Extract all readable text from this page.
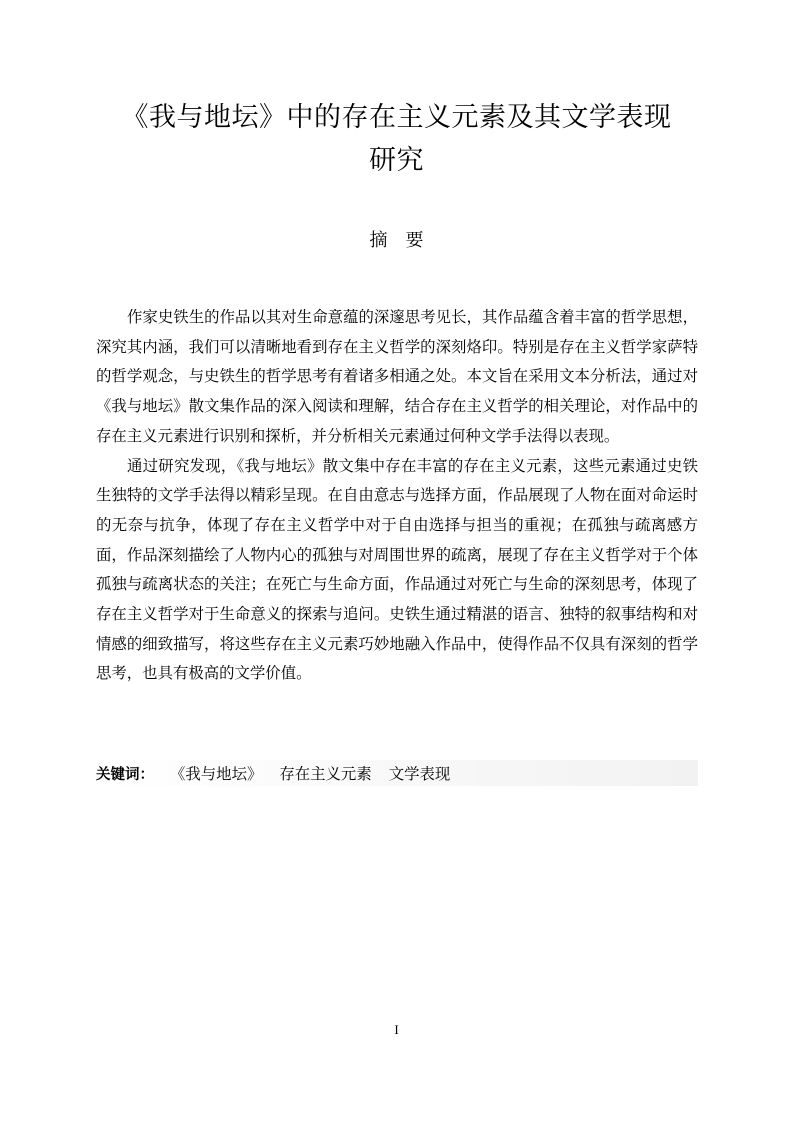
《我与地坛》中的存在主义元素及其文学表现
研究
摘 要

作家史铁生的作品以其对生命意蕴的深邃思考见长，其作品蕴含着丰富的哲学思想，深究其内涵，我们可以清晰地看到存在主义哲学的深刻烙印。特别是存在主义哲学家萨特的哲学观念，与史铁生的哲学思考有着诸多相通之处。本文旨在采用文本分析法，通过对《我与地坛》散文集作品的深入阅读和理解，结合存在主义哲学的相关理论，对作品中的存在主义元素进行识别和探析，并分析相关元素通过何种文学手法得以表现。

通过研究发现，《我与地坛》散文集中存在丰富的存在主义元素，这些元素通过史铁生独特的文学手法得以精彩呈现。在自由意志与选择方面，作品展现了人物在面对命运时的无奈与抗争，体现了存在主义哲学中对于自由选择与担当的重视；在孤独与疏离感方面，作品深刻描绘了人物内心的孤独与对周围世界的疏离，展现了存在主义哲学对于个体孤独与疏离状态的关注；在死亡与生命方面，作品通过对死亡与生命的深刻思考，体现了存在主义哲学对于生命意义的探索与追问。史铁生通过精湛的语言、独特的叙事结构和对情感的细致描写，将这些存在主义元素巧妙地融入作品中，使得作品不仅具有深刻的哲学思考，也具有极高的文学价值。

关键词：	《我与地坛》 存在主义元素 文学表现
I
